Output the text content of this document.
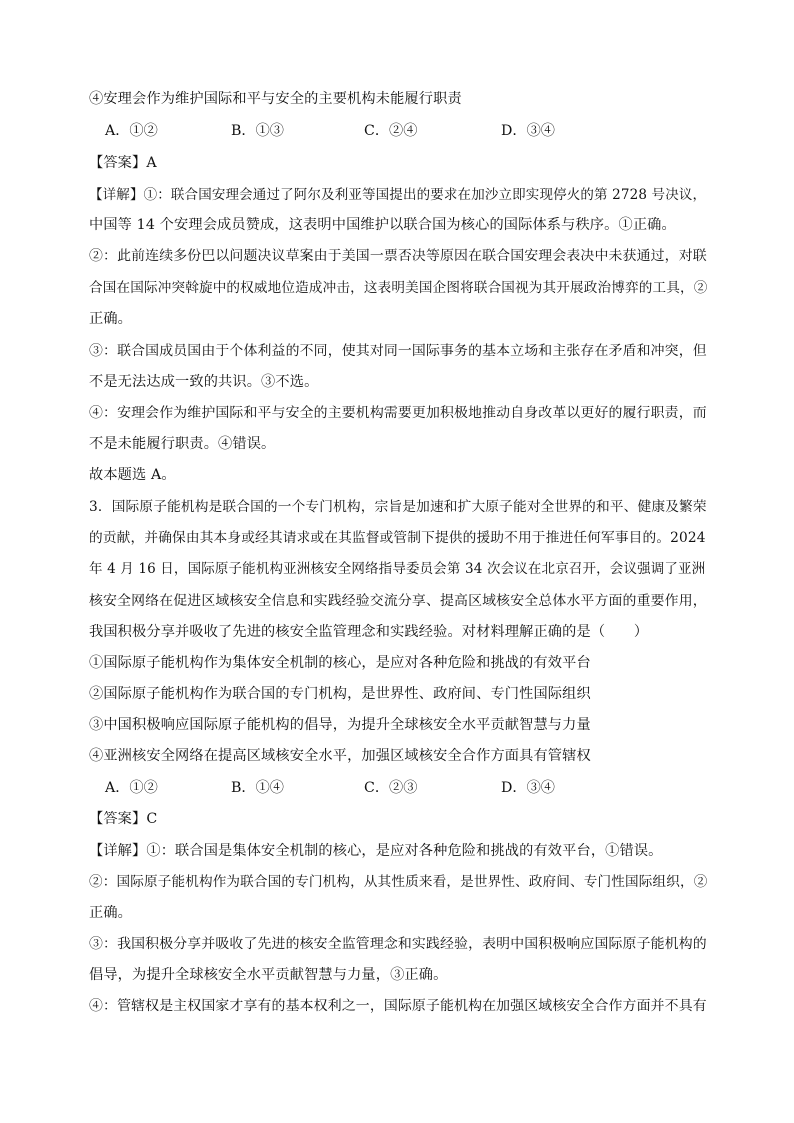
④安理会作为维护国际和平与安全的主要机构未能履行职责
A．①②	B．①③	C．②④	D．③④
【答案】A
【详解】①：联合国安理会通过了阿尔及利亚等国提出的要求在加沙立即实现停火的第 2728 号决议，
中国等 14 个安理会成员赞成，这表明中国维护以联合国为核心的国际体系与秩序。①正确。
②：此前连续多份巴以问题决议草案由于美国一票否决等原因在联合国安理会表决中未获通过，对联
合国在国际冲突斡旋中的权威地位造成冲击，这表明美国企图将联合国视为其开展政治博弈的工具，②
正确。
③：联合国成员国由于个体利益的不同，使其对同一国际事务的基本立场和主张存在矛盾和冲突，但
不是无法达成一致的共识。③不选。
④：安理会作为维护国际和平与安全的主要机构需要更加积极地推动自身改革以更好的履行职责，而
不是未能履行职责。④错误。
故本题选 A。
3．国际原子能机构是联合国的一个专门机构，宗旨是加速和扩大原子能对全世界的和平、健康及繁荣
的贡献，并确保由其本身或经其请求或在其监督或管制下提供的援助不用于推进任何军事目的。2024
年 4 月 16 日，国际原子能机构亚洲核安全网络指导委员会第 34 次会议在北京召开，会议强调了亚洲
核安全网络在促进区域核安全信息和实践经验交流分享、提高区域核安全总体水平方面的重要作用，
我国积极分享并吸收了先进的核安全监管理念和实践经验。对材料理解正确的是（　　）
①国际原子能机构作为集体安全机制的核心，是应对各种危险和挑战的有效平台
②国际原子能机构作为联合国的专门机构，是世界性、政府间、专门性国际组织
③中国积极响应国际原子能机构的倡导，为提升全球核安全水平贡献智慧与力量
④亚洲核安全网络在提高区域核安全水平，加强区域核安全合作方面具有管辖权
A．①②	B．①④	C．②③	D．③④
【答案】C
【详解】①：联合国是集体安全机制的核心，是应对各种危险和挑战的有效平台，①错误。
②：国际原子能机构作为联合国的专门机构，从其性质来看，是世界性、政府间、专门性国际组织，②
正确。
③：我国积极分享并吸收了先进的核安全监管理念和实践经验，表明中国积极响应国际原子能机构的
倡导，为提升全球核安全水平贡献智慧与力量，③正确。
④：管辖权是主权国家才享有的基本权利之一，国际原子能机构在加强区域核安全合作方面并不具有
